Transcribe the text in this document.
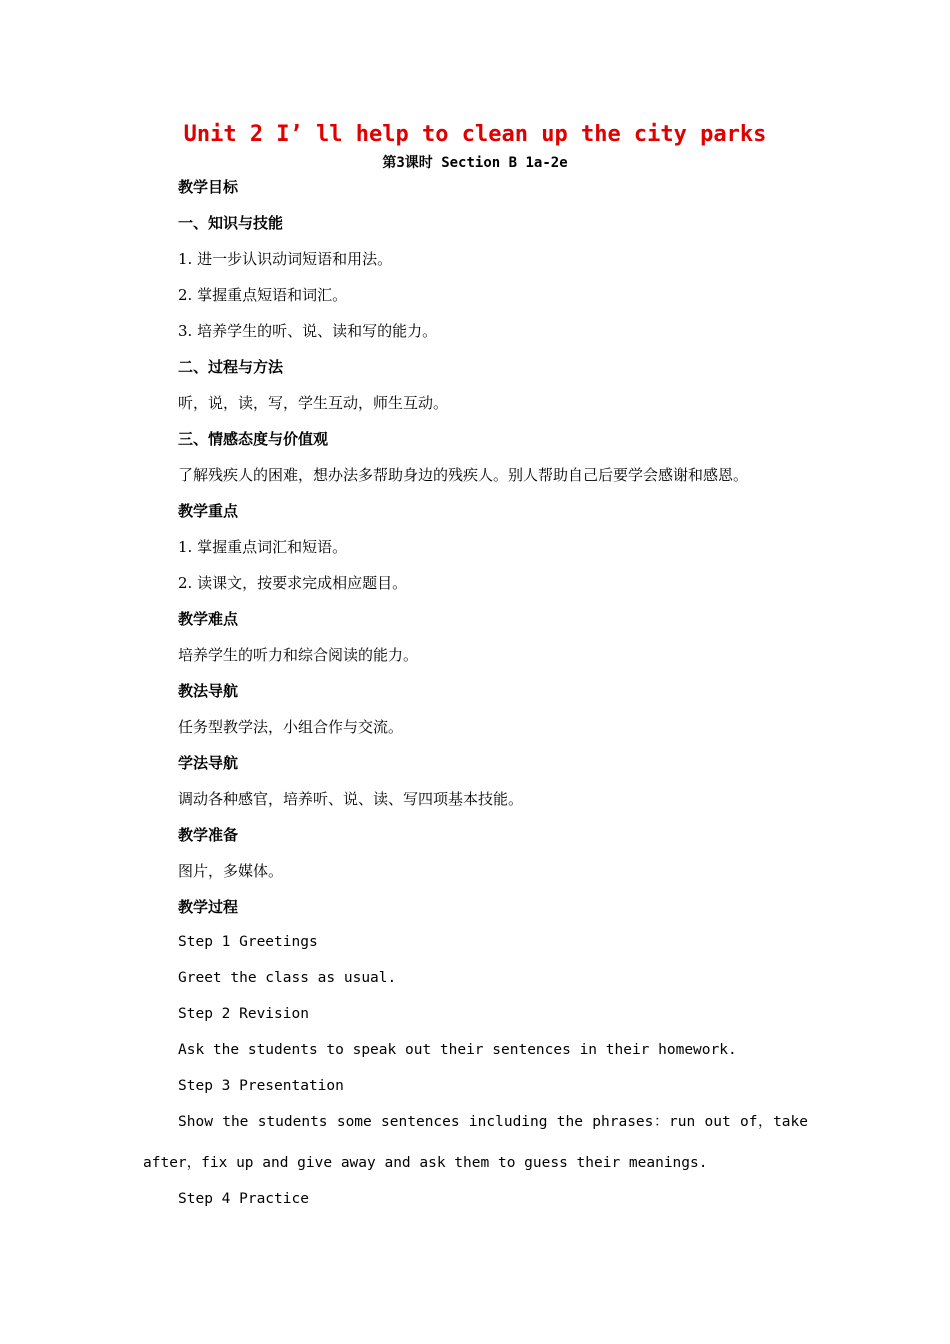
Unit 2 I’ ll help to clean up the city parks
第3课时 Section B 1a-2e
教学目标
一、知识与技能
1. 进一步认识动词短语和用法。
2. 掌握重点短语和词汇。
3. 培养学生的听、说、读和写的能力。
二、过程与方法
听，说，读，写，学生互动，师生互动。
三、情感态度与价值观
了解残疾人的困难，想办法多帮助身边的残疾人。别人帮助自己后要学会感谢和感恩。
教学重点
1. 掌握重点词汇和短语。
2. 读课文，按要求完成相应题目。
教学难点
培养学生的听力和综合阅读的能力。
教法导航
任务型教学法，小组合作与交流。
学法导航
调动各种感官，培养听、说、读、写四项基本技能。
教学准备
图片，多媒体。
教学过程
Step 1 Greetings
Greet the class as usual.
Step 2 Revision
Ask the students to speak out their sentences in their homework.
Step 3 Presentation
Show the students some sentences including the phrases：run out of，take
after，fix up and give away and ask them to guess their meanings.
Step 4 Practice
